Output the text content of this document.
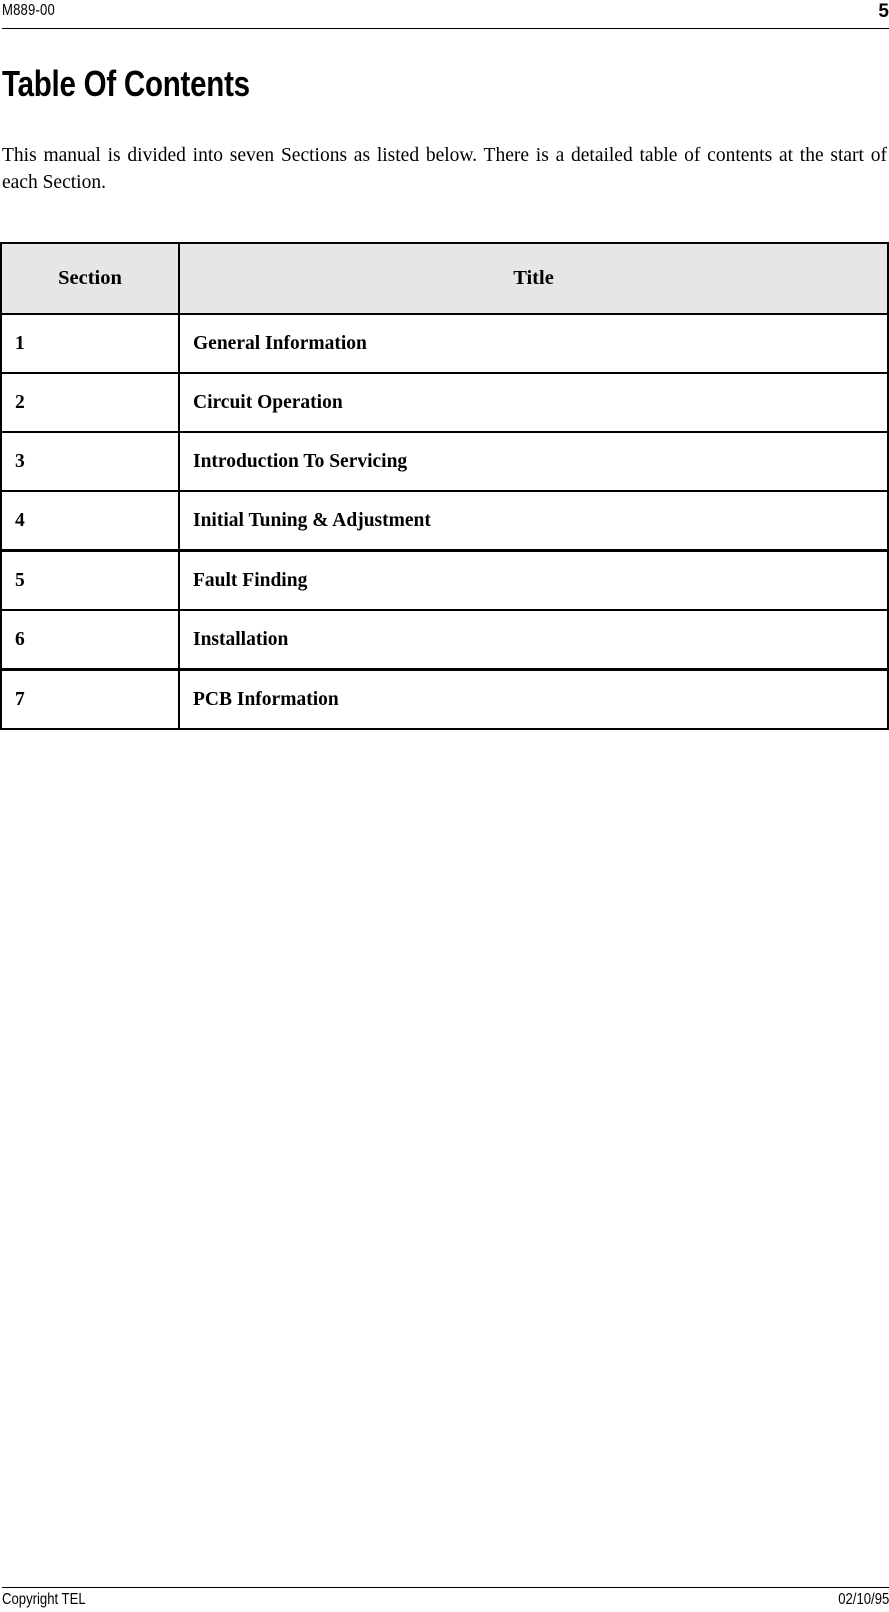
M889-00	5
Table Of Contents

This manual is divided into seven Sections as listed below. There is a detailed table of contents at the start of each Section.

Section	Title
1	General Information
2	Circuit Operation
3	Introduction To Servicing
4	Initial Tuning & Adjustment
5	Fault Finding
6	Installation
7	PCB Information
Copyright TEL	02/10/95
